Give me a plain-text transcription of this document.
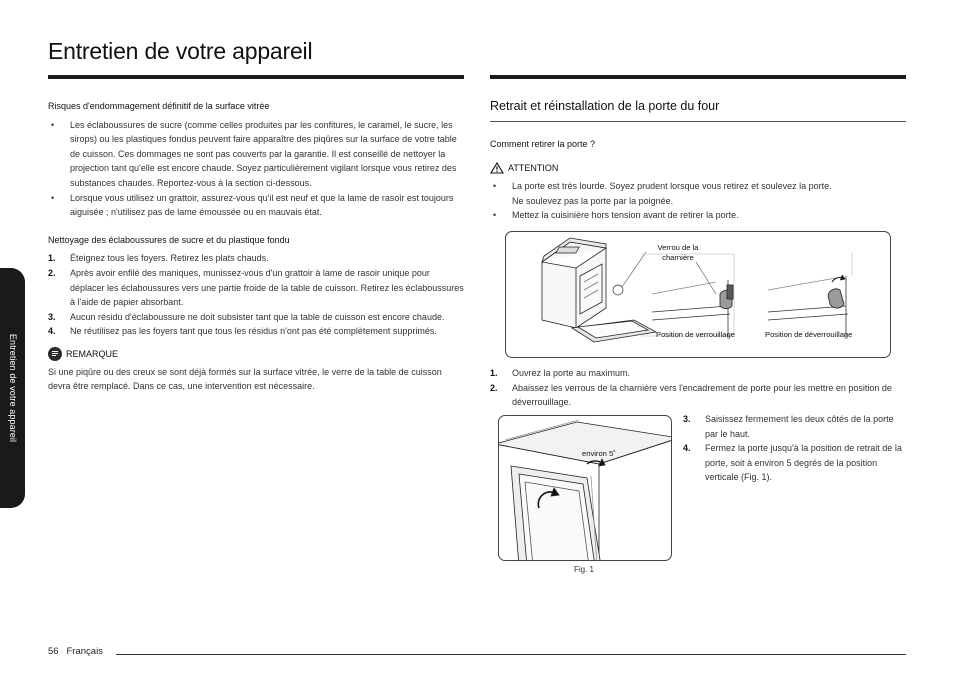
Entretien de votre appareil
Entretien de votre appareil

Risques d'endommagement définitif de la surface vitrée

• Les éclaboussures de sucre (comme celles produites par les confitures, le caramel, le sucre, les sirops) ou les plastiques fondus peuvent faire apparaître des piqûres sur la surface de votre table de cuisson. Ces dommages ne sont pas couverts par la garantie. Il est conseillé de nettoyer la projection tant qu'elle est encore chaude. Soyez particulièrement vigilant lorsque vous retirez des substances chaudes. Reportez-vous à la section ci-dessous.
• Lorsque vous utilisez un grattoir, assurez-vous qu'il est neuf et que la lame de rasoir est toujours aiguisée ; n'utilisez pas de lame émoussée ou en mauvais état.

Nettoyage des éclaboussures de sucre et du plastique fondu

1. Éteignez tous les foyers. Retirez les plats chauds.
2. Après avoir enfilé des maniques, munissez-vous d'un grattoir à lame de rasoir unique pour déplacer les éclaboussures vers une partie froide de la table de cuisson. Retirez les éclaboussures à l'aide de papier absorbant.
3. Aucun résidu d'éclaboussure ne doit subsister tant que la table de cuisson est encore chaude.
4. Ne réutilisez pas les foyers tant que tous les résidus n'ont pas été complètement supprimés.
REMARQUE

Si une piqûre ou des creux se sont déjà formés sur la surface vitrée, le verre de la table de cuisson devra être remplacé. Dans ce cas, une intervention est nécessaire.

Retrait et réinstallation de la porte du four

Comment retirer la porte ?

ATTENTION
• La porte est très lourde. Soyez prudent lorsque vous retirez et soulevez la porte.
Ne soulevez pas la porte par la poignée.
• Mettez la cuisinière hors tension avant de retirer la porte.
Verrou de la
charnière
Position de verrouillage	Position de déverrouillage
1. Ouvrez la porte au maximum.
2. Abaissez les verrous de la charnière vers l'encadrement de porte pour les mettre en position de déverrouillage.
environ 5˚
Fig. 1
3. Saisissez fermement les deux côtés de la porte par le haut.
4. Fermez la porte jusqu'à la position de retrait de la porte, soit à environ 5 degrés de la position verticale (Fig. 1).
56 Français
